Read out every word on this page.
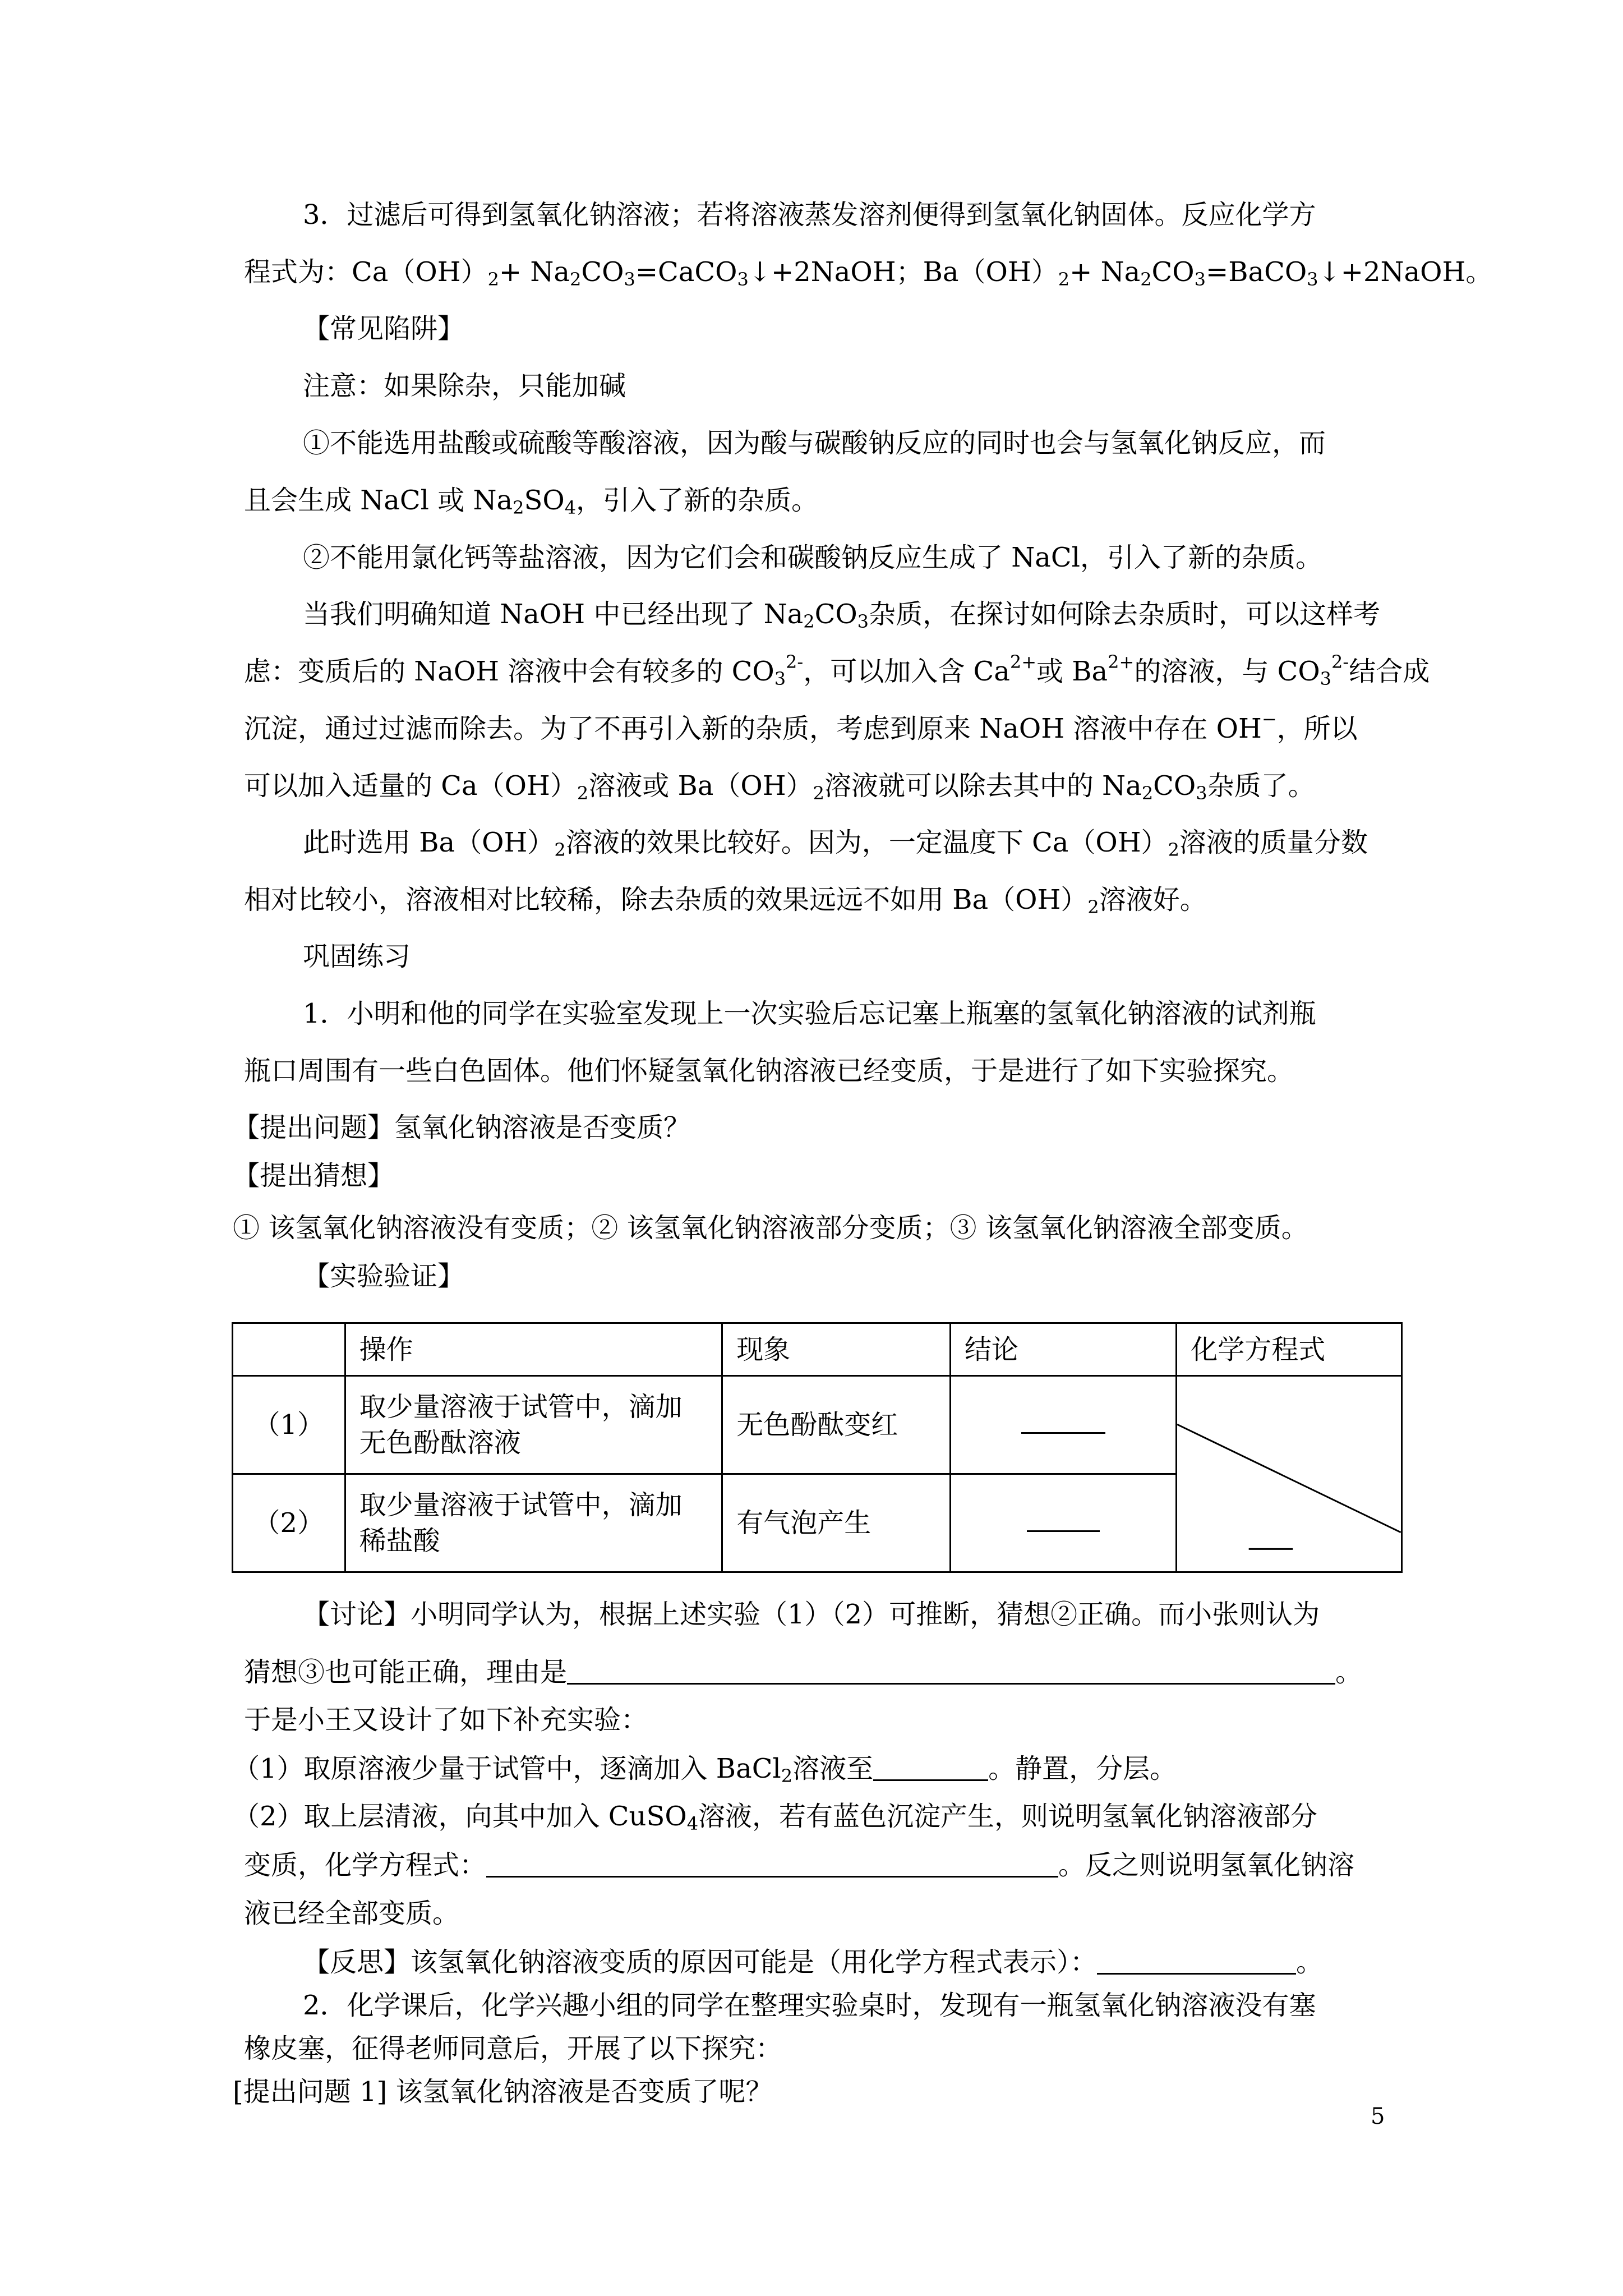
3．过滤后可得到氢氧化钠溶液；若将溶液蒸发溶剂便得到氢氧化钠固体。反应化学方
程式为：$Ca(OH)_2+$ $Na_2CO_3=CaCO_3↓+2NaOH$；$Ba(OH)_2+$ $Na_2CO_3=BaCO_3↓+2NaOH$。
【常见陷阱】
注意：如果除杂，只能加碱
①不能选用盐酸或硫酸等酸溶液，因为酸与碳酸钠反应的同时也会与氢氧化钠反应，而
且会生成 NaCl 或 $Na_2SO_4$，引入了新的杂质。
②不能用氯化钙等盐溶液，因为它们会和碳酸钠反应生成了 NaCl，引入了新的杂质。
当我们明确知道 NaOH 中已经出现了 $Na_2CO_3$杂质，在探讨如何除去杂质时，可以这样考
虑：变质后的 NaOH 溶液中会有较多的 $CO_3^{2-}$，可以加入含 $Ca^{2+}$或 $Ba^{2+}$的溶液，与 $CO_3^{2-}$结合成
沉淀，通过过滤而除去。为了不再引入新的杂质，考虑到原来 NaOH 溶液中存在 OH−，所以
可以加入适量的 $Ca(OH)_2$溶液或 $Ba(OH)_2$溶液就可以除去其中的 $Na_2CO_3$杂质了。
此时选用 $Ba(OH)_2$溶液的效果比较好。因为，一定温度下 $Ca(OH)_2$溶液的质量分数
相对比较小，溶液相对比较稀，除去杂质的效果远远不如用 $Ba(OH)_2$溶液好。
巩固练习
1．小明和他的同学在实验室发现上一次实验后忘记塞上瓶塞的氢氧化钠溶液的试剂瓶
瓶口周围有一些白色固体。他们怀疑氢氧化钠溶液已经变质，于是进行了如下实验探究。
【提出问题】氢氧化钠溶液是否变质？
【提出猜想】
① 该氢氧化钠溶液没有变质；② 该氢氧化钠溶液部分变质；③ 该氢氧化钠溶液全部变质。
【实验验证】
	操作	现象	结论	化学方程式
（1）	取少量溶液于试管中，滴加
无色酚酞溶液	无色酚酞变红		

（2）	取少量溶液于试管中，滴加
稀盐酸	有气泡产生		
【讨论】小明同学认为，根据上述实验（1）（2）可推断，猜想②正确。而小张则认为
猜想③也可能正确，理由是	。
于是小王又设计了如下补充实验：
（1）取原溶液少量于试管中，逐滴加入 BaCl$_2$溶液至	。静置，分层。
（2）取上层清液，向其中加入 CuSO$_4$溶液，若有蓝色沉淀产生，则说明氢氧化钠溶液部分
变质，化学方程式：	。反之则说明氢氧化钠溶
液已经全部变质。
【反思】该氢氧化钠溶液变质的原因可能是（用化学方程式表示）：	。
2．化学课后，化学兴趣小组的同学在整理实验桌时，发现有一瓶氢氧化钠溶液没有塞
橡皮塞，征得老师同意后，开展了以下探究：
[提出问题 1] 该氢氧化钠溶液是否变质了呢？
5
